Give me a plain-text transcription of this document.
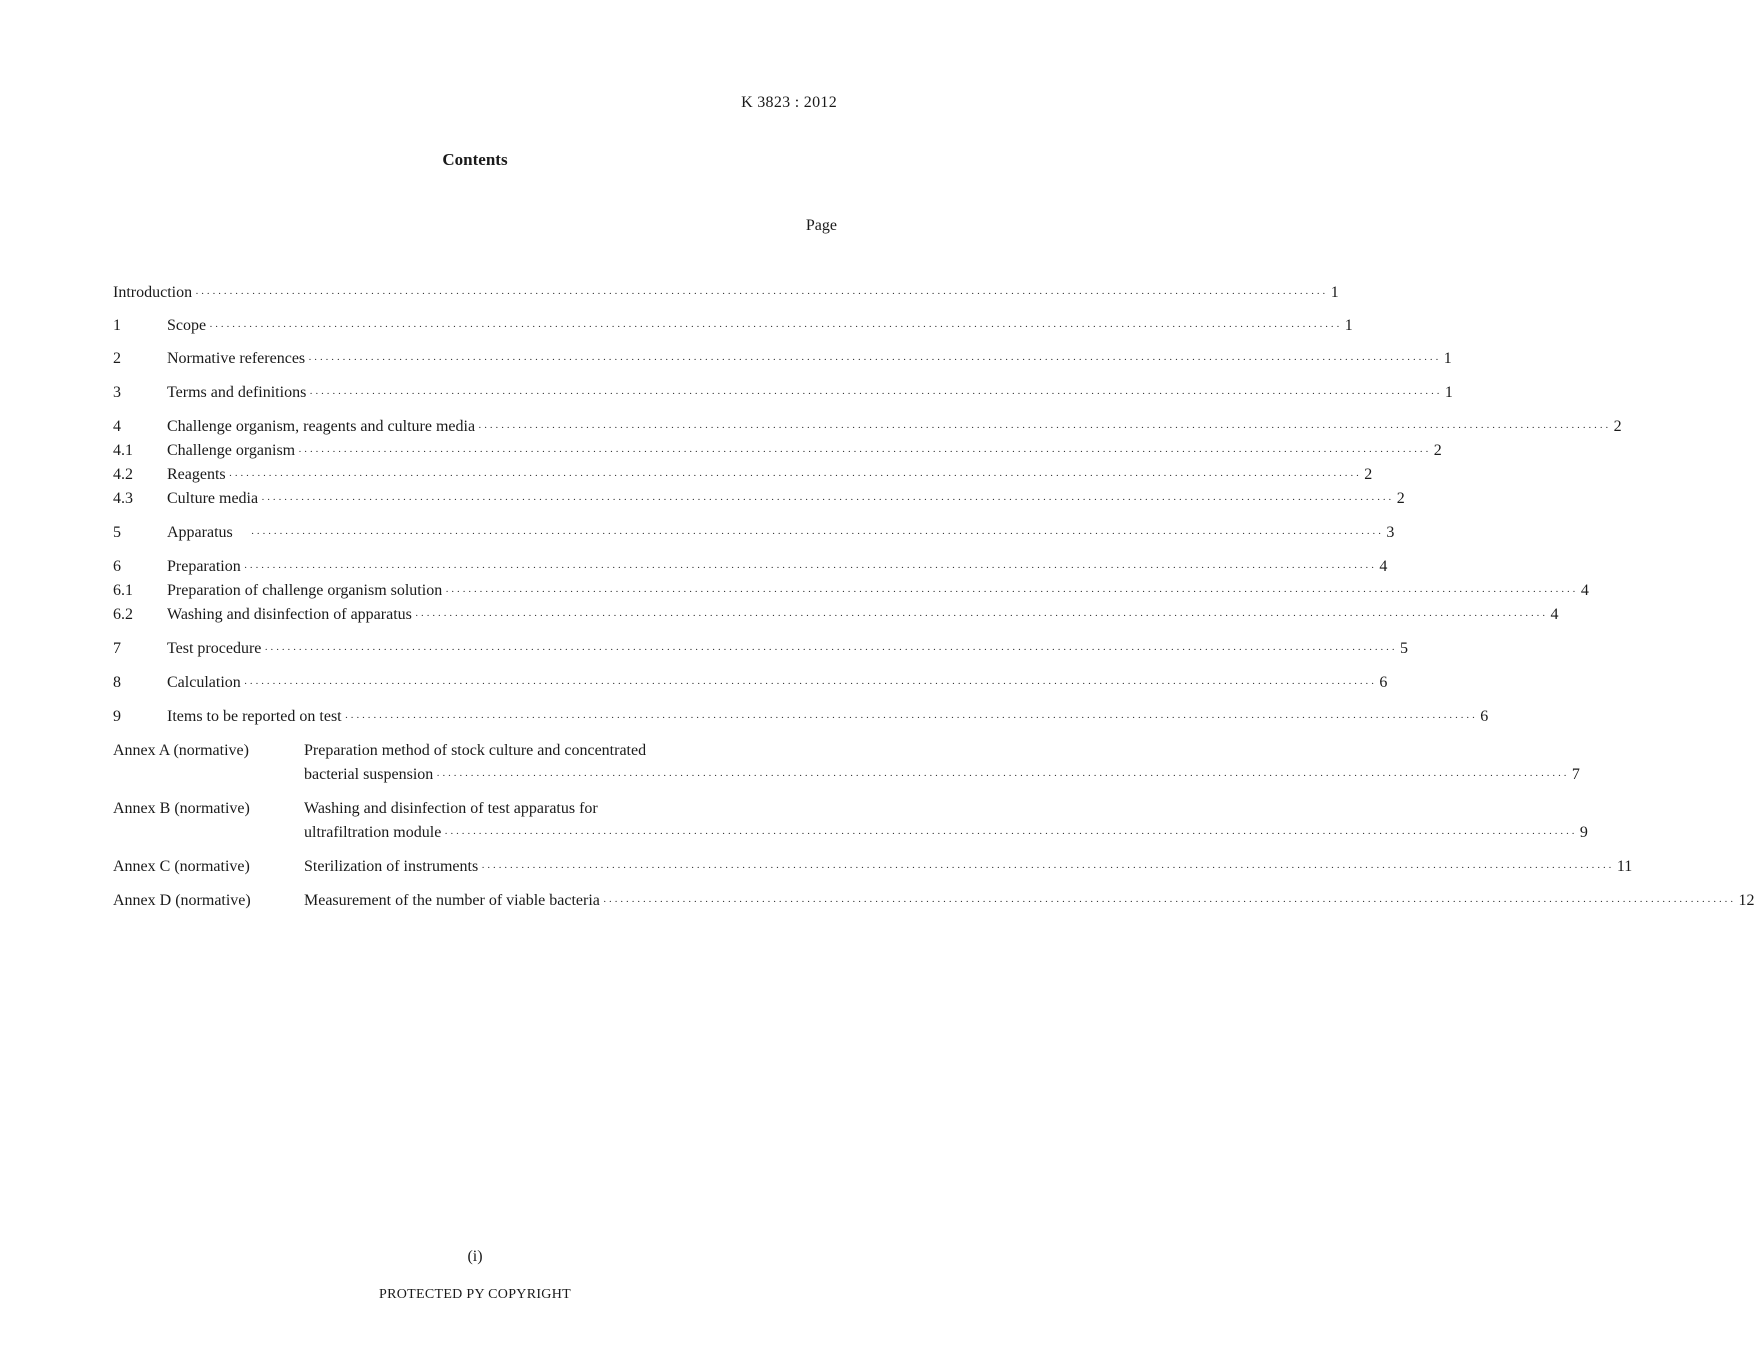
K 3823 : 2012
Contents
Page
Introduction ········································································································································································································ 1
1	Scope ········································································································································································································ 1
2	Normative references ········································································································································································································ 1
3	Terms and definitions ········································································································································································································ 1
4	Challenge organism, reagents and culture media ········································································································································································································ 2
4.1	Challenge organism ········································································································································································································ 2
4.2	Reagents ········································································································································································································ 2
4.3	Culture media ········································································································································································································ 2
5	Apparatus ········································································································································································································ 3
6	Preparation ········································································································································································································ 4
6.1	Preparation of challenge organism solution ········································································································································································································ 4
6.2	Washing and disinfection of apparatus ········································································································································································································ 4
7	Test procedure ········································································································································································································ 5
8	Calculation ········································································································································································································ 6
9	Items to be reported on test ········································································································································································································ 6
Annex A (normative)	Preparation method of stock culture and concentrated
bacterial suspension ········································································································································································································ 7
Annex B (normative)	Washing and disinfection of test apparatus for
ultrafiltration module ········································································································································································································ 9
Annex C (normative)	Sterilization of instruments ········································································································································································································ 11
Annex D (normative)	Measurement of the number of viable bacteria ········································································································································································································ 12
(i)
PROTECTED PY COPYRIGHT
